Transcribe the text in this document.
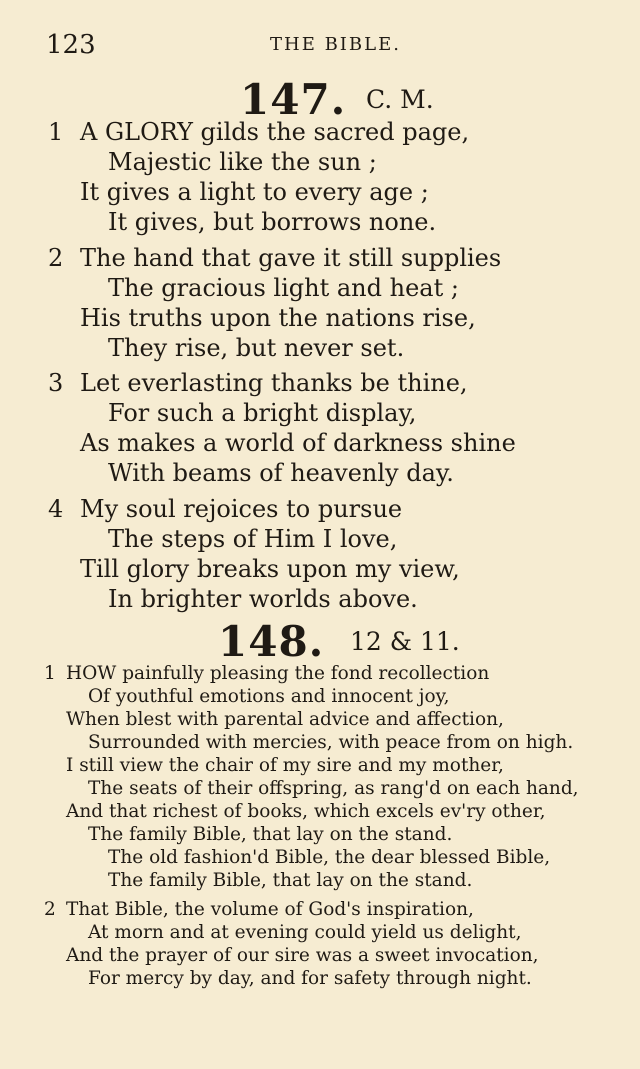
123	THE BIBLE.
147. C. M.
1 A GLORY gilds the sacred page,
Majestic like the sun ;
It gives a light to every age ;
It gives, but borrows none.
2 The hand that gave it still supplies
The gracious light and heat ;
His truths upon the nations rise,
They rise, but never set.
3 Let everlasting thanks be thine,
For such a bright display,
As makes a world of darkness shine
With beams of heavenly day.
4 My soul rejoices to pursue
The steps of Him I love,
Till glory breaks upon my view,
In brighter worlds above.
148. 12 & 11.
1 HOW painfully pleasing the fond recollection
Of youthful emotions and innocent joy,
When blest with parental advice and affection,
Surrounded with mercies, with peace from on high.
I still view the chair of my sire and my mother,
The seats of their offspring, as rang'd on each hand,
And that richest of books, which excels ev'ry other,
The family Bible, that lay on the stand.
The old fashion'd Bible, the dear blessed Bible,
The family Bible, that lay on the stand.
2 That Bible, the volume of God's inspiration,
At morn and at evening could yield us delight,
And the prayer of our sire was a sweet invocation,
For mercy by day, and for safety through night.
